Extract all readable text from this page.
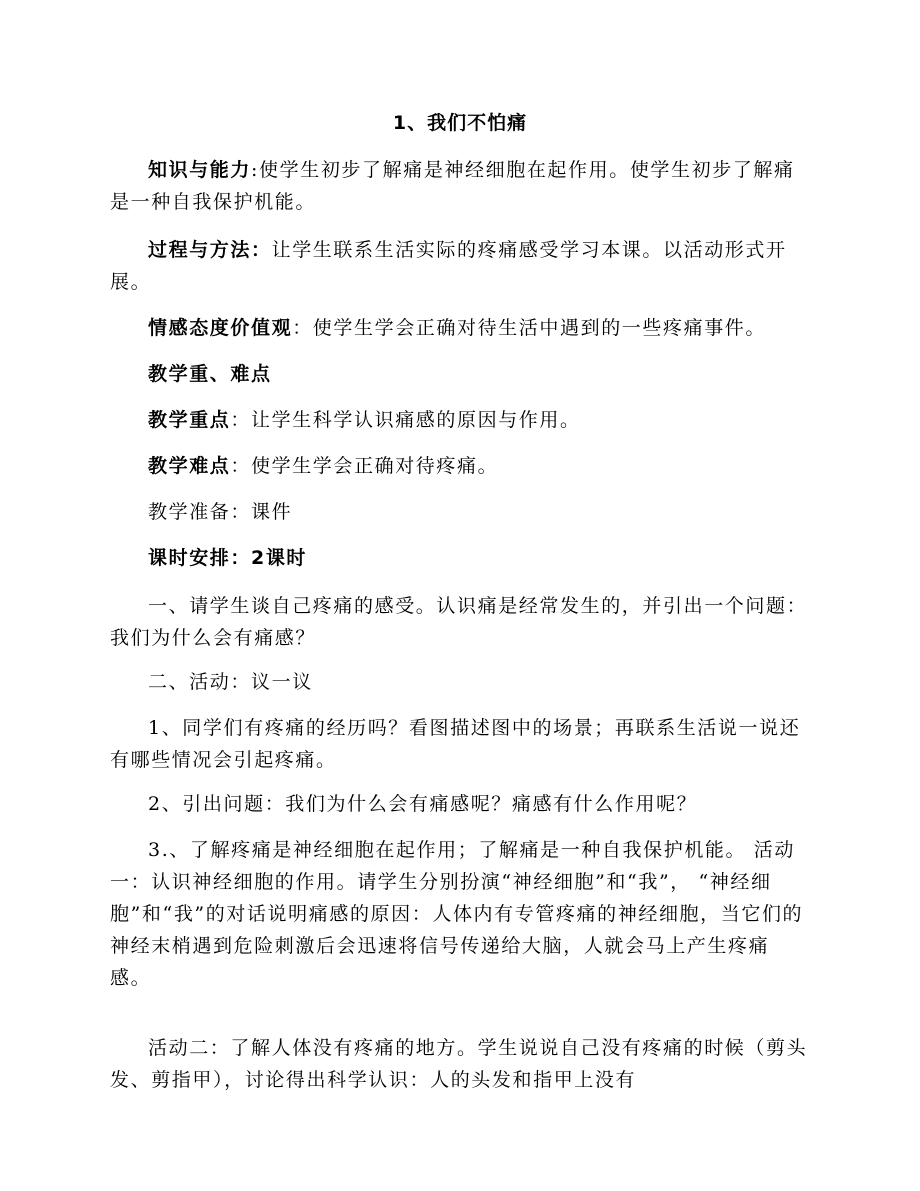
1、我们不怕痛

知识与能力:使学生初步了解痛是神经细胞在起作用。使学生初步了解痛是一种自我保护机能。

过程与方法：让学生联系生活实际的疼痛感受学习本课。以活动形式开展。

情感态度价值观：使学生学会正确对待生活中遇到的一些疼痛事件。

教学重、难点

教学重点：让学生科学认识痛感的原因与作用。

教学难点：使学生学会正确对待疼痛。

教学准备：课件

课时安排：2课时

一、请学生谈自己疼痛的感受。认识痛是经常发生的，并引出一个问题：我们为什么会有痛感？

二、活动：议一议

1、同学们有疼痛的经历吗？看图描述图中的场景；再联系生活说一说还有哪些情况会引起疼痛。

2、引出问题：我们为什么会有痛感呢？痛感有什么作用呢？

3.、了解疼痛是神经细胞在起作用；了解痛是一种自我保护机能。 活动一：认识神经细胞的作用。请学生分别扮演“神经细胞”和“我”， “神经细胞”和“我”的对话说明痛感的原因：人体内有专管疼痛的神经细胞，当它们的神经末梢遇到危险刺激后会迅速将信号传递给大脑，人就会马上产生疼痛感。

活动二：了解人体没有疼痛的地方。学生说说自己没有疼痛的时候（剪头发、剪指甲），讨论得出科学认识：人的头发和指甲上没有
